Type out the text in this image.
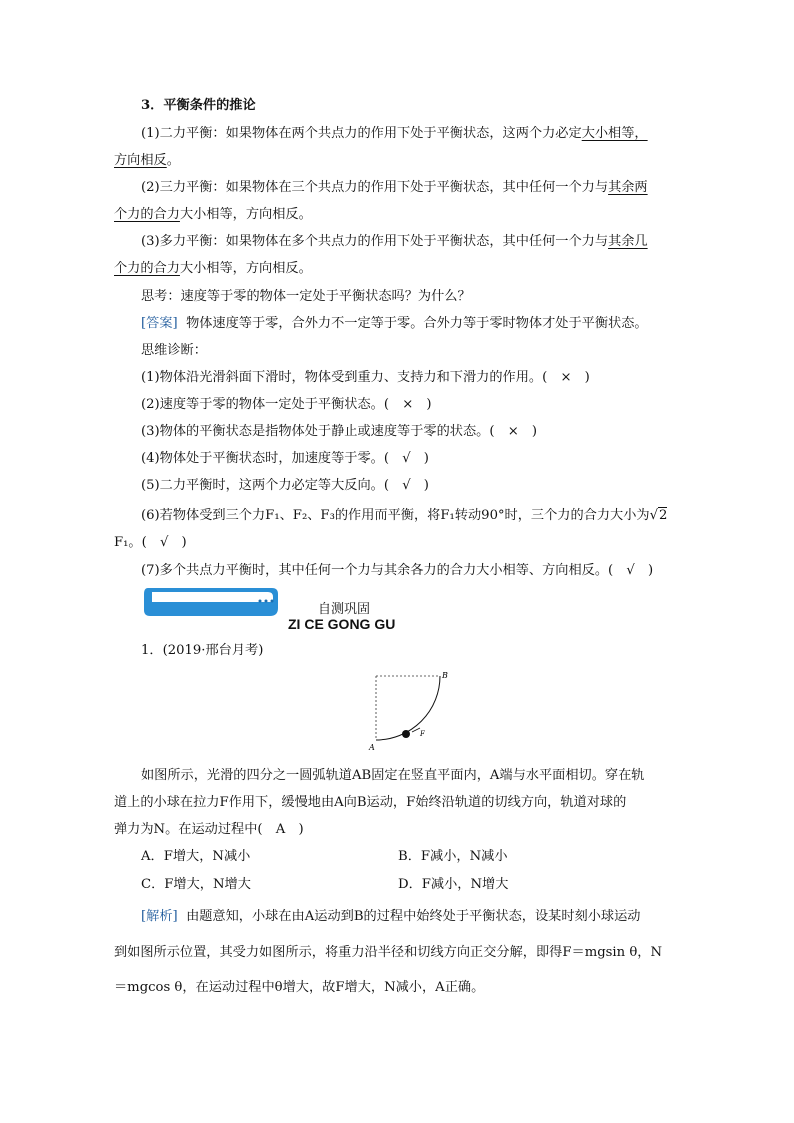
3．平衡条件的推论
(1)二力平衡：如果物体在两个共点力的作用下处于平衡状态，这两个力必定大小相等，
方向相反。
(2)三力平衡：如果物体在三个共点力的作用下处于平衡状态，其中任何一个力与其余两
个力的合力大小相等，方向相反。
(3)多力平衡：如果物体在多个共点力的作用下处于平衡状态，其中任何一个力与其余几
个力的合力大小相等，方向相反。
思考：速度等于零的物体一定处于平衡状态吗？为什么？
[答案] 物体速度等于零，合外力不一定等于零。合外力等于零时物体才处于平衡状态。
思维诊断：
(1)物体沿光滑斜面下滑时，物体受到重力、支持力和下滑力的作用。(　×　)
(2)速度等于零的物体一定处于平衡状态。(　×　)
(3)物体的平衡状态是指物体处于静止或速度等于零的状态。(　×　)
(4)物体处于平衡状态时，加速度等于零。(　√　)
(5)二力平衡时，这两个力必定等大反向。(　√　)
(6)若物体受到三个力F₁、F₂、F₃的作用而平衡，将F₁转动90°时，三个力的合力大小为√2
F₁。(　√　)
(7)多个共点力平衡时，其中任何一个力与其余各力的合力大小相等、方向相反。(　√　)
•••
自测巩固
ZI CE GONG GU
1．(2019·邢台月考)
A
B
F
如图所示，光滑的四分之一圆弧轨道AB固定在竖直平面内，A端与水平面相切。穿在轨
道上的小球在拉力F作用下，缓慢地由A向B运动，F始终沿轨道的切线方向，轨道对球的
弹力为N。在运动过程中(　A　)
A．F增大，N减小	B．F减小，N减小
C．F增大，N增大	D．F减小，N增大
[解析] 由题意知，小球在由A运动到B的过程中始终处于平衡状态，设某时刻小球运动
到如图所示位置，其受力如图所示，将重力沿半径和切线方向正交分解，即得F＝mgsin θ，N
＝mgcos θ，在运动过程中θ增大，故F增大，N减小，A正确。
